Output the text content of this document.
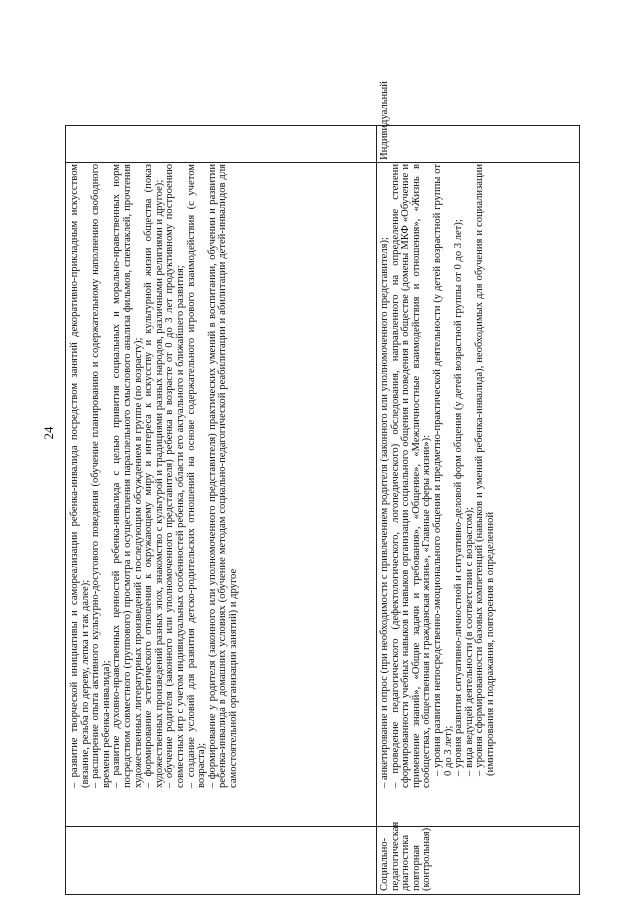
24 – развитие творческой инициативы и самореализации ребенка-инвалида посредством занятий декоративно-прикладным искусством (вязание, резьба по дереву, лепка и так далее); – расширение опыта активного культурно-досугового поведения (обучение планированию и содержательному наполнению свободного времени ребенка-инвалида); – развитие духовно-нравственных ценностей ребенка-инвалида с целью привития социальных и морально-нравственных норм посредством совместного (группового) просмотра и осуществления параллельного смыслового анализа фильмов, спектаклей, прочтения художественных литературных произведений с последующим обсуждением в группе (по возрасту); – формирование эстетического отношения к окружающему миру и интереса к искусству и культурной жизни общества (показ художественных произведений разных эпох, знакомство с культурой и традициями разных народов, различными религиями и другое); – обучение родителя (законного или уполномоченного представителя) ребенка в возрасте от 0 до 3 лет продуктивному построению совместных игр с учетом индивидуальных особенностей ребенка, области его актуального и ближайшего развития; – создание условий для развития детско-родительских отношений на основе содержательного игрового взаимодействия (с учетом возраста); – формирование у родителя (законного или уполномоченного представителя) практических умений в воспитании, обучении и развитии ребенка-инвалида в домашних условиях (обучение методам социально-педагогической реабилитации и абилитации детей-инвалидов для самостоятельной организации занятий) и другое

Социально-педагогическая диагностика повторная (контрольная)

– анкетирование и опрос (при необходимости с привлечением родителя (законного или уполномоченного представителя); – проведение педагогического (дефектологического, логопедического) обследования, направленного на определение степени сформированности учебных навыков и навыков организации социального общения и поведения в обществе (домены МКФ «Обучение и применение знаний», «Общие задачи и требования», «Общение», «Межличностные взаимодействия и отношения», «Жизнь в сообществах, общественная и гражданская жизнь», «Главные сферы жизни»): – уровня развития непосредственно-эмоционального общения и предметно-практической деятельности (у детей возрастной группы от 0 до 3 лет); – уровня развития ситуативно-личностной и ситуативно-деловой форм общения (у детей возрастной группы от 0 до 3 лет); – вида ведущей деятельности (в соответствии с возрастом); – уровня сформированности базовых компетенций (навыков и умений ребенка-инвалида), необходимых для обучения и социализации (имитирования и подражания, повторения в определенной

Индивидуальный
